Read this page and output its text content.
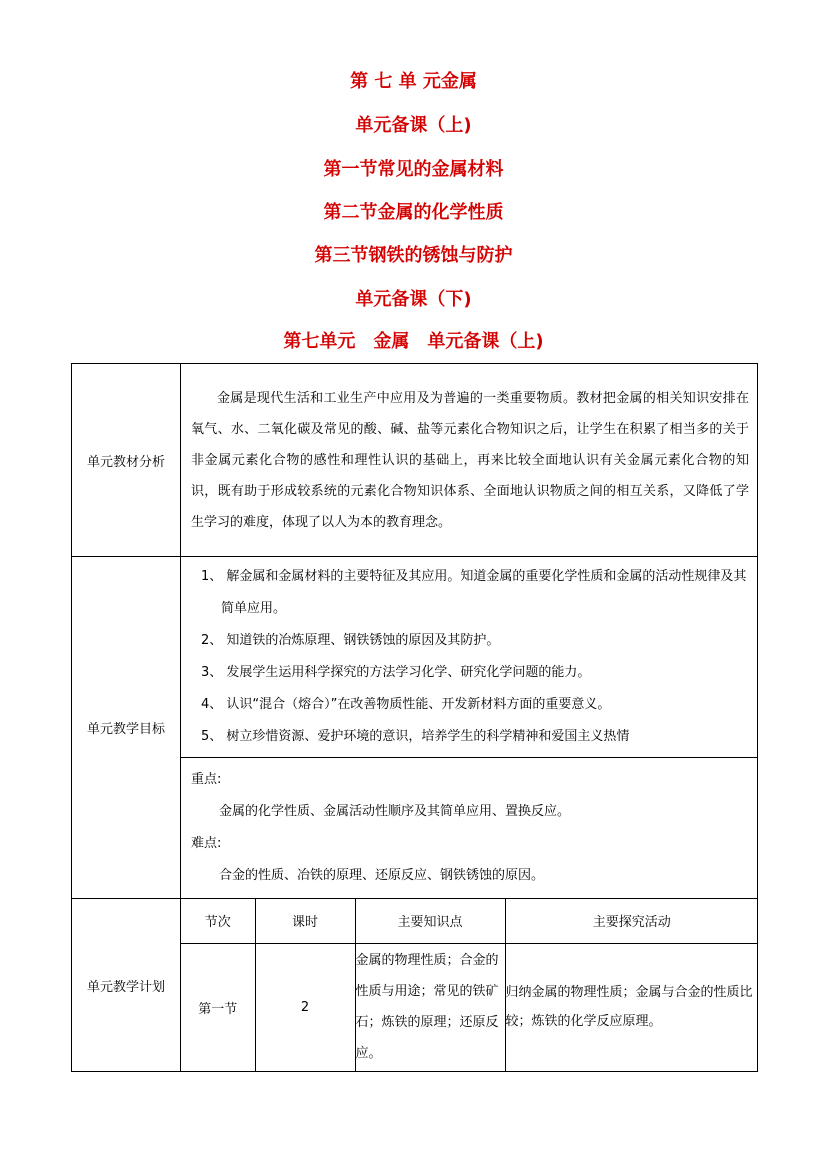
第 七 单 元金属
单元备课（上)
第一节常见的金属材料
第二节金属的化学性质
第三节钢铁的锈蚀与防护
单元备课（下)
第七单元　金属　单元备课（上)
单元教材分析	
金属是现代生活和工业生产中应用及为普遍的一类重要物质。教材把金属的相关知识安排在氧气、水、二氧化碳及常见的酸、碱、盐等元素化合物知识之后，让学生在积累了相当多的关于非金属元素化合物的感性和理性认识的基础上，再来比较全面地认识有关金属元素化合物的知识，既有助于形成较系统的元素化合物知识体系、全面地认识物质之间的相互关系，又降低了学生学习的难度，体现了以人为本的教育理念。

单元教学目标	
1、 解金属和金属材料的主要特征及其应用。知道金属的重要化学性质和金属的活动性规律及其简单应用。
2、 知道铁的冶炼原理、钢铁锈蚀的原因及其防护。
3、 发展学生运用科学探究的方法学习化学、研究化学问题的能力。
4、 认识“混合（熔合）”在改善物质性能、开发新材料方面的重要意义。
5、 树立珍惜资源、爱护环境的意识，培养学生的科学精神和爱国主义热情

重点:
金属的化学性质、金属活动性顺序及其简单应用、置换反应。
难点:
合金的性质、冶铁的原理、还原反应、钢铁锈蚀的原因。

单元教学计划	
节次	课时	主要知识点	主要探究活动
第一节	2	金属的物理性质；合金的性质与用途；常见的铁矿石；炼铁的原理；还原反应。	归纳金属的物理性质；金属与合金的性质比较；炼铁的化学反应原理。
